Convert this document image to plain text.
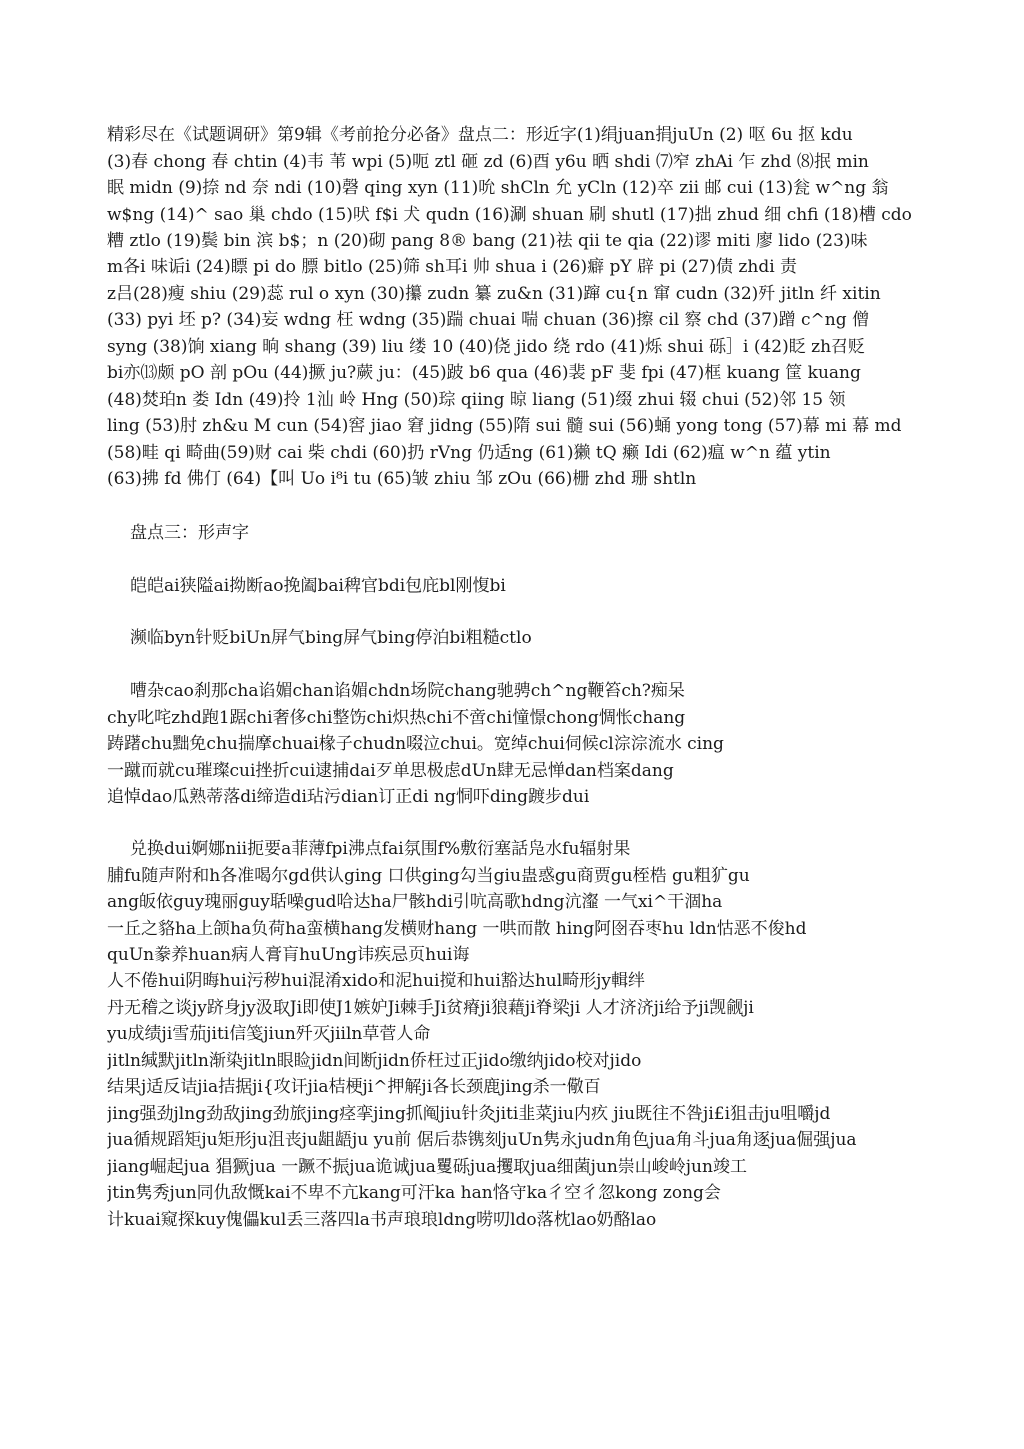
精彩尽在《试题调研》第9辑《考前抢分必备》盘点二：形近字(1)绢juan捐juUn (2) 呕 6u 抠 kdu
(3)春 chong 春 chtin (4)韦 苇 wpi (5)呃 ztl 砸 zd (6)酉 y6u 晒 shdi ⑺窄 zhAi 乍 zhd ⑻抿 min
眠 midn (9)捺 nd 奈 ndi (10)磬 qing xyn (11)吮 shCln 允 yCln (12)卒 zii 邮 cui (13)瓮 w^ng 翁
w$ng (14)^ sao 巢 chdo (15)吠 f$i 犬 qudn (16)涮 shuan 刷 shutl (17)拙 zhud 细 chfi (18)槽 cdo
糟 ztlo (19)鬓 bin 滨 b$；n (20)砌 pang 8® bang (21)祛 qii te qia (22)谬 miti 廖 lido (23)味
m各i 味诟i (24)瞟 pi do 膘 bitlo (25)筛 sh耳i 帅 shua i (26)癖 pY 辟 pi (27)债 zhdi 责
z吕(28)瘦 shiu (29)蕊 rul o xyn (30)攥 zudn 纂 zu&n (31)蹿 cu{n 窜 cudn (32)歼 jitln 纤 xitin
(33) pyi 坯 p? (34)妄 wdng 枉 wdng (35)踹 chuai 喘 chuan (36)擦 cil 察 chd (37)蹭 c^ng 僧
syng (38)饷 xiang 晌 shang (39) liu 缕 10 (40)侥 jido 绕 rdo (41)烁 shui 砾］i (42)眨 zh召贬
bi亦⒀颇 pO 剖 pOu (44)撅 ju?蕨 ju：(45)跛 b6 qua (46)裴 pF 斐 fpi (47)框 kuang 筐 kuang
(48)焚珀n 娄 Idn (49)拎 1汕 岭 Hng (50)琮 qiing 晾 liang (51)缀 zhui 辍 chui (52)邻 15 领
ling (53)肘 zh&u M cun (54)窖 jiao 窘 jidng (55)隋 sui 髓 sui (56)蛹 yong tong (57)幕 mi 幕 md
(58)畦 qi 畸曲(59)财 cai 柴 chdi (60)扔 rVng 仍适ng (61)獭 tQ 癞 Idi (62)瘟 w^n 蕴 ytin
(63)拂 fd 佛仃 (64)【叫 Uo i⁸i tu (65)皱 zhiu 邹 zOu (66)栅 zhd 珊 shtln
盘点三：形声字
皑皑ai狭隘ai拗断ao挽阖bai稗官bdi包庇bl刚愎bi
濒临byn针贬biUn屏气bing屏气bing停泊bi粗糙ctlo
嘈杂cao刹那cha谄媚chan谄媚chdn场院chang驰骋ch^ng鞭笞ch?痴呆
chy叱咤zhd跑1踞chi奢侈chi整饬chi炽热chi不啻chi憧憬chong惆怅chang
踌躇chu黜免chu揣摩chuai椽子chudn啜泣chui。宽绰chui伺候cl淙淙流水 cing
一蹴而就cu璀璨cui挫折cui逮捕dai歹单思极虑dUn肆无忌惮dan档案dang
追悼dao瓜熟蒂落di缔造di玷污dian订正di ng恫吓ding踱步dui
兑换dui婀娜nii扼要a菲薄fpi沸点fai氛围f%敷衍塞話凫水fu辐射果
脯fu随声附和h各准喝尔gd供认ging 口供ging勾当giu蛊惑gu商贾gu桎梏 gu粗犷gu
ang皈依guy瑰丽guy聒噪gud哈达ha尸骸hdi引吭高歌hdng沆瀣 一气xi^干涸ha
一丘之貉ha上颌ha负荷ha蛮横hang发横财hang 一哄而散 hing阿囹吞枣hu ldn怙恶不俊hd
quUn豢养huan病人膏肓huUng讳疾忌页hui诲
人不倦hui阴晦hui污秽hui混淆xido和泥hui搅和hui豁达hul畸形jy輯绊
丹无稽之谈jy跻身jy汲取Ji即使J1嫉妒Ji棘手Ji贫瘠ji狼藉ji脊梁ji 人才济济ji给予ji觊觎ji
yu成绩ji雪茄jiti信笺jiun歼灭jiiln草菅人命
jitln缄默jitln渐染jitln眼睑jidn间断jidn侨枉过正jido缴纳jido校对jido
结果j适反诘jia拮据ji{攻讦jia桔梗ji^押解ji各长颈鹿jing杀一儆百
jing强劲jlng劲敌jing劲旅jing痉挛jing抓阄jiu针灸jiti韭菜jiu内疚 jiu既往不咎ji£i狙击ju咀嚼jd
jua循规蹈矩ju矩形ju沮丧ju龃龉ju yu前 倨后恭镌刻juUn隽永judn角色jua角斗jua角逐jua倔强jua
jiang崛起jua 猖獗jua 一蹶不振jua诡诚jua矍砾jua攫取jua细菌jun崇山峻岭jun竣工
jtin隽秀jun同仇敌慨kai不卑不亢kang可汗ka han恪守ka彳空彳忽kong zong会
计kuai窥探kuy傀儡kul丢三落四la书声琅琅ldng唠叨ldo落枕lao奶酪lao
